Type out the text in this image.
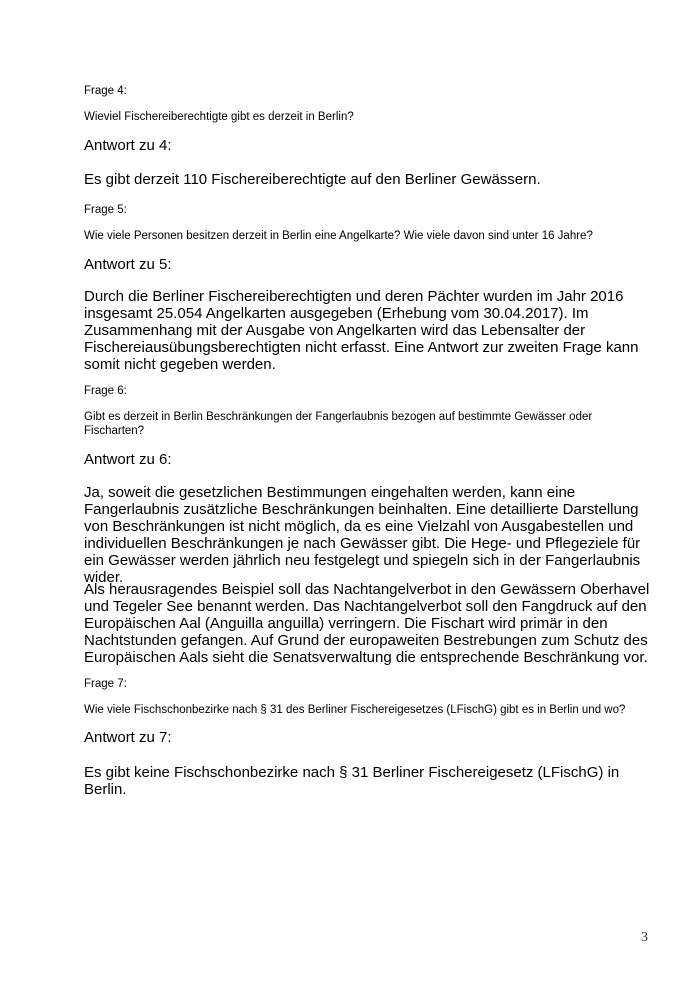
Frage 4:

Wieviel Fischereiberechtigte gibt es derzeit in Berlin?

Antwort zu 4:

Es gibt derzeit 110 Fischereiberechtigte auf den Berliner Gewässern.

Frage 5:

Wie viele Personen besitzen derzeit in Berlin eine Angelkarte? Wie viele davon sind unter 16 Jahre?

Antwort zu 5:

Durch die Berliner Fischereiberechtigten und deren Pächter wurden im Jahr 2016 insgesamt 25.054 Angelkarten ausgegeben (Erhebung vom 30.04.2017). Im Zusammenhang mit der Ausgabe von Angelkarten wird das Lebensalter der Fischereiausübungsberechtigten nicht erfasst. Eine Antwort zur zweiten Frage kann somit nicht gegeben werden.

Frage 6:

Gibt es derzeit in Berlin Beschränkungen der Fangerlaubnis bezogen auf bestimmte Gewässer oder Fischarten?

Antwort zu 6:

Ja, soweit die gesetzlichen Bestimmungen eingehalten werden, kann eine Fangerlaubnis zusätzliche Beschränkungen beinhalten. Eine detaillierte Darstellung von Beschränkungen ist nicht möglich, da es eine Vielzahl von Ausgabestellen und individuellen Beschränkungen je nach Gewässer gibt. Die Hege- und Pflegeziele für ein Gewässer werden jährlich neu festgelegt und spiegeln sich in der Fangerlaubnis wider.

Als herausragendes Beispiel soll das Nachtangelverbot in den Gewässern Oberhavel und Tegeler See benannt werden. Das Nachtangelverbot soll den Fangdruck auf den Europäischen Aal (Anguilla anguilla) verringern. Die Fischart wird primär in den Nachtstunden gefangen. Auf Grund der europaweiten Bestrebungen zum Schutz des Europäischen Aals sieht die Senatsverwaltung die entsprechende Beschränkung vor.

Frage 7:

Wie viele Fischschonbezirke nach § 31 des Berliner Fischereigesetzes (LFischG) gibt es in Berlin und wo?

Antwort zu 7:

Es gibt keine Fischschonbezirke nach § 31 Berliner Fischereigesetz (LFischG) in Berlin.

3
